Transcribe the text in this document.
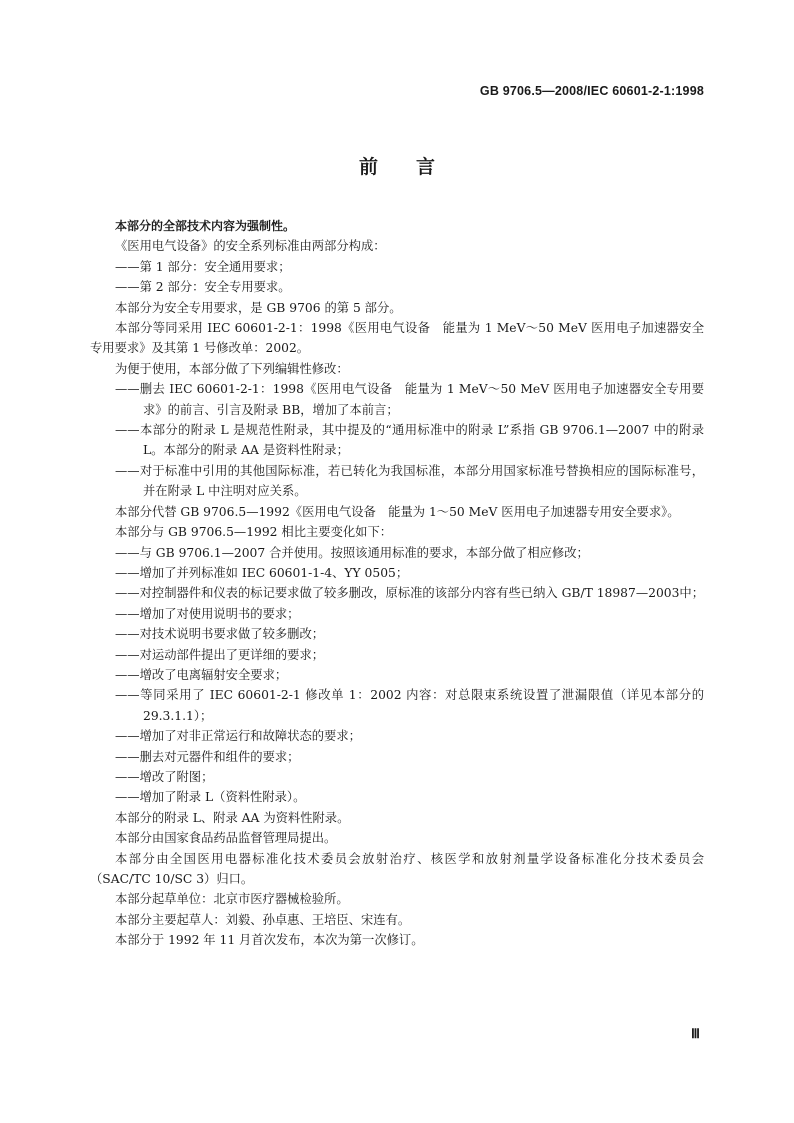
GB 9706.5—2008/IEC 60601-2-1:1998
前言

本部分的全部技术内容为强制性。

《医用电气设备》的安全系列标准由两部分构成：

——第 1 部分：安全通用要求；

——第 2 部分：安全专用要求。

本部分为安全专用要求，是 GB 9706 的第 5 部分。

本部分等同采用 IEC 60601-2-1：1998《医用电气设备　能量为 1 MeV～50 MeV 医用电子加速器安全专用要求》及其第 1 号修改单：2002。

为便于使用，本部分做了下列编辑性修改：

——删去 IEC 60601-2-1：1998《医用电气设备　能量为 1 MeV～50 MeV 医用电子加速器安全专用要求》的前言、引言及附录 BB，增加了本前言；

——本部分的附录 L 是规范性附录，其中提及的“通用标准中的附录 L”系指 GB 9706.1—2007 中的附录 L。本部分的附录 AA 是资料性附录；

——对于标准中引用的其他国际标准，若已转化为我国标准，本部分用国家标准号替换相应的国际标准号，并在附录 L 中注明对应关系。

本部分代替 GB 9706.5—1992《医用电气设备　能量为 1～50 MeV 医用电子加速器专用安全要求》。

本部分与 GB 9706.5—1992 相比主要变化如下：

——与 GB 9706.1—2007 合并使用。按照该通用标准的要求，本部分做了相应修改；

——增加了并列标准如 IEC 60601-1-4、YY 0505；

——对控制器件和仪表的标记要求做了较多删改，原标准的该部分内容有些已纳入 GB/T 18987—2003中；

——增加了对使用说明书的要求；

——对技术说明书要求做了较多删改；

——对运动部件提出了更详细的要求；

——增改了电离辐射安全要求；

——等同采用了 IEC 60601-2-1 修改单 1：2002 内容：对总限束系统设置了泄漏限值（详见本部分的 29.3.1.1）；

——增加了对非正常运行和故障状态的要求；

——删去对元器件和组件的要求；

——增改了附图；

——增加了附录 L（资料性附录）。

本部分的附录 L、附录 AA 为资料性附录。

本部分由国家食品药品监督管理局提出。

本部分由全国医用电器标准化技术委员会放射治疗、核医学和放射剂量学设备标准化分技术委员会（SAC/TC 10/SC 3）归口。

本部分起草单位：北京市医疗器械检验所。

本部分主要起草人：刘毅、孙卓惠、王培臣、宋连有。

本部分于 1992 年 11 月首次发布，本次为第一次修订。

Ⅲ
